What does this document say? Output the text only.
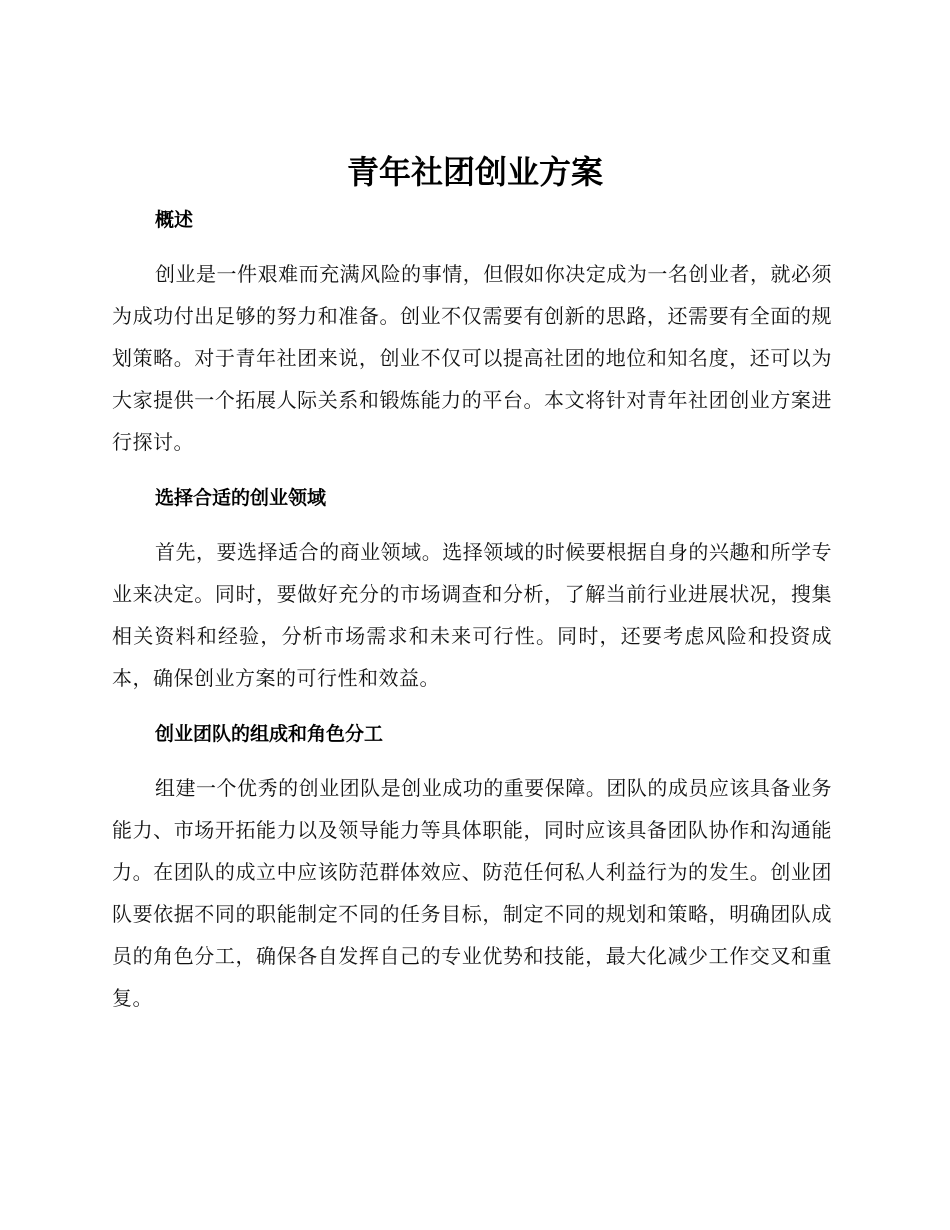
青年社团创业方案
概述

创业是一件艰难而充满风险的事情，但假如你决定成为一名创业者，就必须为成功付出足够的努力和准备。创业不仅需要有创新的思路，还需要有全面的规划策略。对于青年社团来说，创业不仅可以提高社团的地位和知名度，还可以为大家提供一个拓展人际关系和锻炼能力的平台。本文将针对青年社团创业方案进行探讨。

选择合适的创业领域

首先，要选择适合的商业领域。选择领域的时候要根据自身的兴趣和所学专业来决定。同时，要做好充分的市场调查和分析，了解当前行业进展状况，搜集相关资料和经验，分析市场需求和未来可行性。同时，还要考虑风险和投资成本，确保创业方案的可行性和效益。

创业团队的组成和角色分工

组建一个优秀的创业团队是创业成功的重要保障。团队的成员应该具备业务能力、市场开拓能力以及领导能力等具体职能，同时应该具备团队协作和沟通能力。在团队的成立中应该防范群体效应、防范任何私人利益行为的发生。创业团队要依据不同的职能制定不同的任务目标，制定不同的规划和策略，明确团队成员的角色分工，确保各自发挥自己的专业优势和技能，最大化减少工作交叉和重复。
